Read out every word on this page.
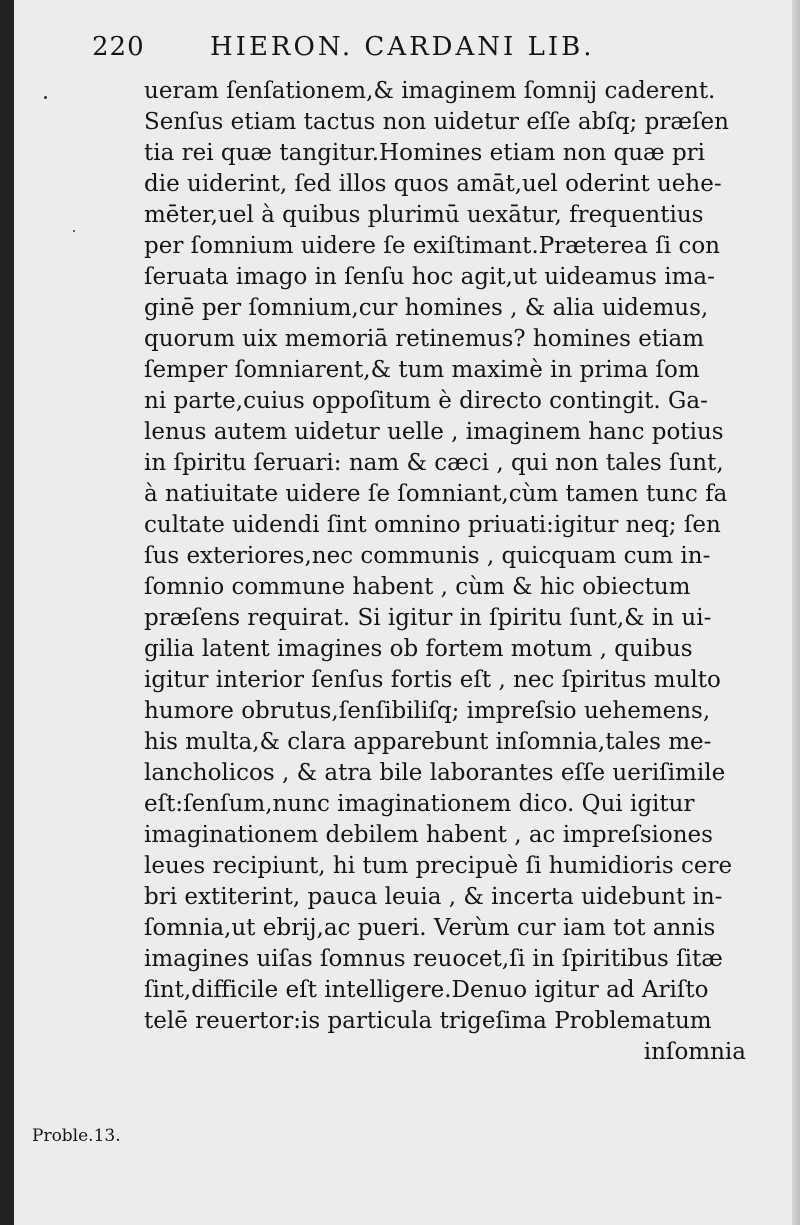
220	HIERON. CARDANI LIB.
ueram ſenſationem,& imaginem ſomnij caderent.
Senſus etiam tactus non uidetur eſſe abſq; præſen
tia rei quæ tangitur.Homines etiam non quæ pri
die uiderint, ſed illos quos amāt,uel oderint uehe-
mēter,uel à quibus plurimū uexātur, frequentius
per ſomnium uidere ſe exiſtimant.Præterea ſi con
ſeruata imago in ſenſu hoc agit,ut uideamus ima-
ginē per ſomnium,cur homines , & alia uidemus,
quorum uix memoriā retinemus? homines etiam
ſemper ſomniarent,& tum maximè in prima ſom
ni parte,cuius oppoſitum è directo contingit. Ga-
lenus autem uidetur uelle , imaginem hanc potius
in ſpiritu ſeruari: nam & cæci , qui non tales ſunt,
à natiuitate uidere ſe ſomniant,cùm tamen tunc fa
cultate uidendi ſint omnino priuati:igitur neq; ſen
ſus exteriores,nec communis , quicquam cum in-
ſomnio commune habent , cùm & hic obiectum
præſens requirat. Si igitur in ſpiritu ſunt,& in ui-
gilia latent imagines ob fortem motum , quibus
igitur interior ſenſus fortis eſt , nec ſpiritus multo
humore obrutus,ſenſibiliſq; impreſsio uehemens,
his multa,& clara apparebunt inſomnia,tales me-
lancholicos , & atra bile laborantes eſſe ueriſimile
eſt:ſenſum,nunc imaginationem dico. Qui igitur
imaginationem debilem habent , ac impreſsiones
leues recipiunt, hi tum precipuè ſi humidioris cere
bri extiterint, pauca leuia , & incerta uidebunt in-
ſomnia,ut ebrij,ac pueri. Verùm cur iam tot annis
imagines uiſas ſomnus reuocet,ſi in ſpiritibus ſitæ
ſint,difficile eſt intelligere.Denuo igitur ad Ariſto
telē reuertor:is particula trigeſima Problematum
inſomnia
Proble.13.
